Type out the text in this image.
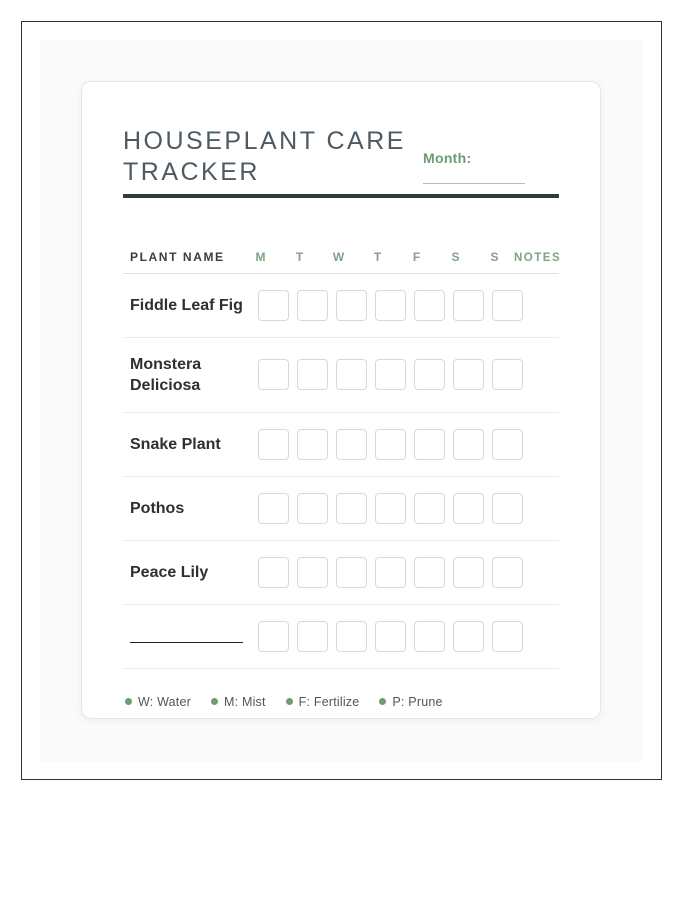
HOUSEPLANT CARE TRACKER	Month:
PLANT NAME	M	T	W	T	F	S	S	NOTES
Fiddle Leaf Fig
Monstera Deliciosa
Snake Plant
Pothos
Peace Lily
W: Water	M: Mist	F: Fertilize	P: Prune
